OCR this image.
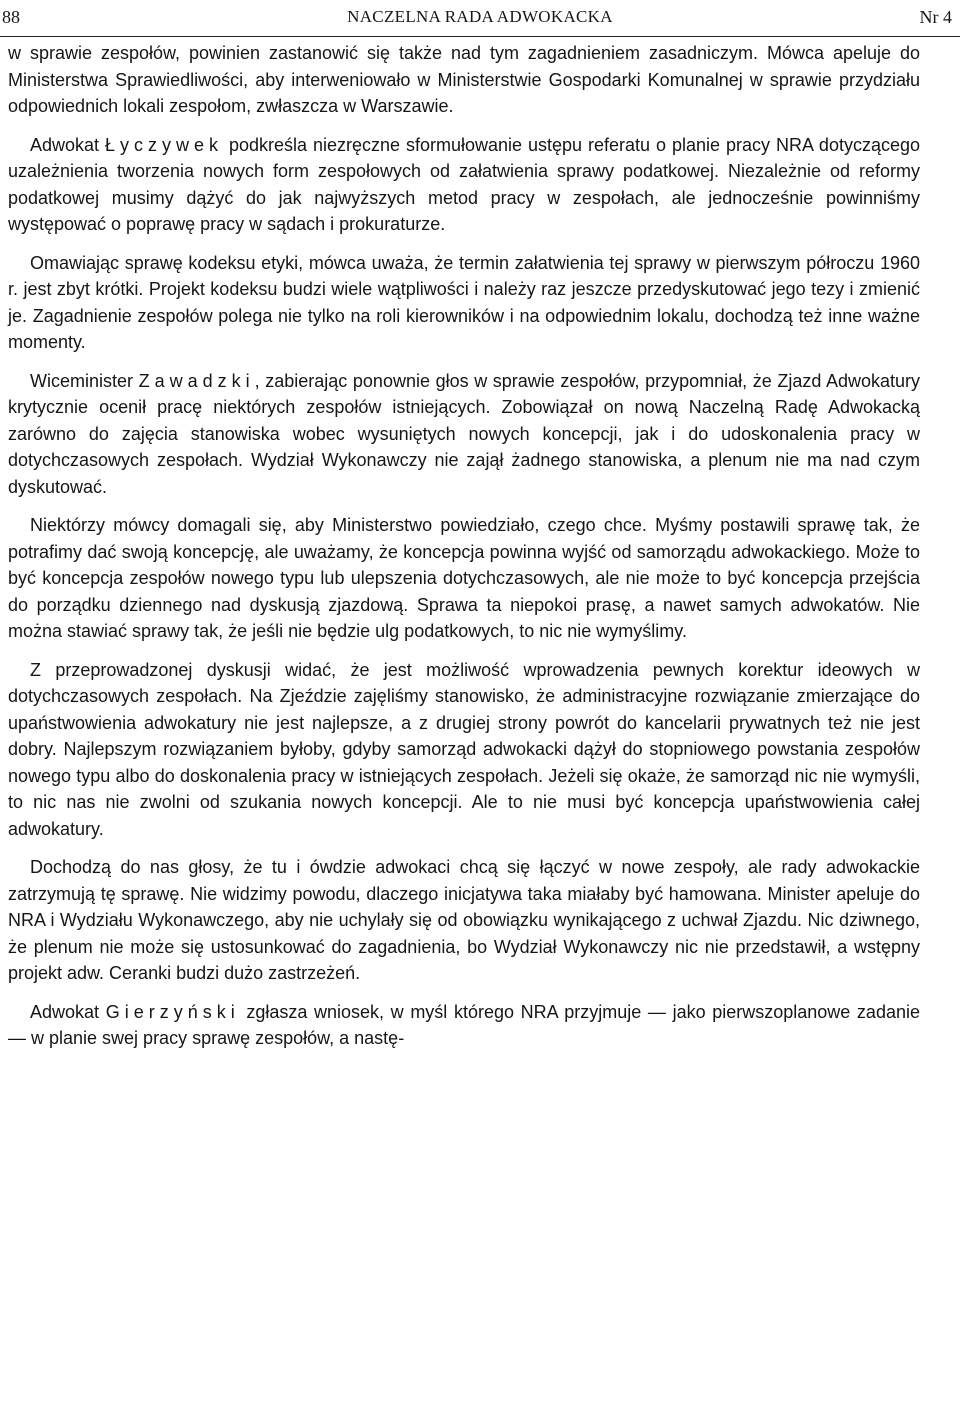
88	NACZELNA RADA ADWOKACKA	Nr 4

w sprawie zespołów, powinien zastanowić się także nad tym zagadnieniem zasadniczym. Mówca apeluje do Ministerstwa Sprawiedliwości, aby interweniowało w Ministerstwie Gospodarki Komunalnej w sprawie przydziału odpowiednich lokali zespołom, zwłaszcza w Warszawie.

Adwokat Łyczywek podkreśla niezręczne sformułowanie ustępu referatu o planie pracy NRA dotyczącego uzależnienia tworzenia nowych form zespołowych od załatwienia sprawy podatkowej. Niezależnie od reformy podatkowej musimy dążyć do jak najwyższych metod pracy w zespołach, ale jednocześnie powinniśmy występować o poprawę pracy w sądach i prokuraturze.

Omawiając sprawę kodeksu etyki, mówca uważa, że termin załatwienia tej sprawy w pierwszym półroczu 1960 r. jest zbyt krótki. Projekt kodeksu budzi wiele wątpliwości i należy raz jeszcze przedyskutować jego tezy i zmienić je. Zagadnienie zespołów polega nie tylko na roli kierowników i na odpowiednim lokalu, dochodzą też inne ważne momenty.

Wiceminister Zawadzki, zabierając ponownie głos w sprawie zespołów, przypomniał, że Zjazd Adwokatury krytycznie ocenił pracę niektórych zespołów istniejących. Zobowiązał on nową Naczelną Radę Adwokacką zarówno do zajęcia stanowiska wobec wysuniętych nowych koncepcji, jak i do udoskonalenia pracy w dotychczasowych zespołach. Wydział Wykonawczy nie zajął żadnego stanowiska, a plenum nie ma nad czym dyskutować.

Niektórzy mówcy domagali się, aby Ministerstwo powiedziało, czego chce. Myśmy postawili sprawę tak, że potrafimy dać swoją koncepcję, ale uważamy, że koncepcja powinna wyjść od samorządu adwokackiego. Może to być koncepcja zespołów nowego typu lub ulepszenia dotychczasowych, ale nie może to być koncepcja przejścia do porządku dziennego nad dyskusją zjazdową. Sprawa ta niepokoi prasę, a nawet samych adwokatów. Nie można stawiać sprawy tak, że jeśli nie będzie ulg podatkowych, to nic nie wymyślimy.

Z przeprowadzonej dyskusji widać, że jest możliwość wprowadzenia pewnych korektur ideowych w dotychczasowych zespołach. Na Zjeździe zajęliśmy stanowisko, że administracyjne rozwiązanie zmierzające do upaństwowienia adwokatury nie jest najlepsze, a z drugiej strony powrót do kancelarii prywatnych też nie jest dobry. Najlepszym rozwiązaniem byłoby, gdyby samorząd adwokacki dążył do stopniowego powstania zespołów nowego typu albo do doskonalenia pracy w istniejących zespołach. Jeżeli się okaże, że samorząd nic nie wymyśli, to nic nas nie zwolni od szukania nowych koncepcji. Ale to nie musi być koncepcja upaństwowienia całej adwokatury.

Dochodzą do nas głosy, że tu i ówdzie adwokaci chcą się łączyć w nowe zespoły, ale rady adwokackie zatrzymują tę sprawę. Nie widzimy powodu, dlaczego inicjatywa taka miałaby być hamowana. Minister apeluje do NRA i Wydziału Wykonawczego, aby nie uchylały się od obowiązku wynikającego z uchwał Zjazdu. Nic dziwnego, że plenum nie może się ustosunkować do zagadnienia, bo Wydział Wykonawczy nic nie przedstawił, a wstępny projekt adw. Ceranki budzi dużo zastrzeżeń.

Adwokat Gierzyński zgłasza wniosek, w myśl którego NRA przyjmuje — jako pierwszoplanowe zadanie — w planie swej pracy sprawę zespołów, a nastę-
